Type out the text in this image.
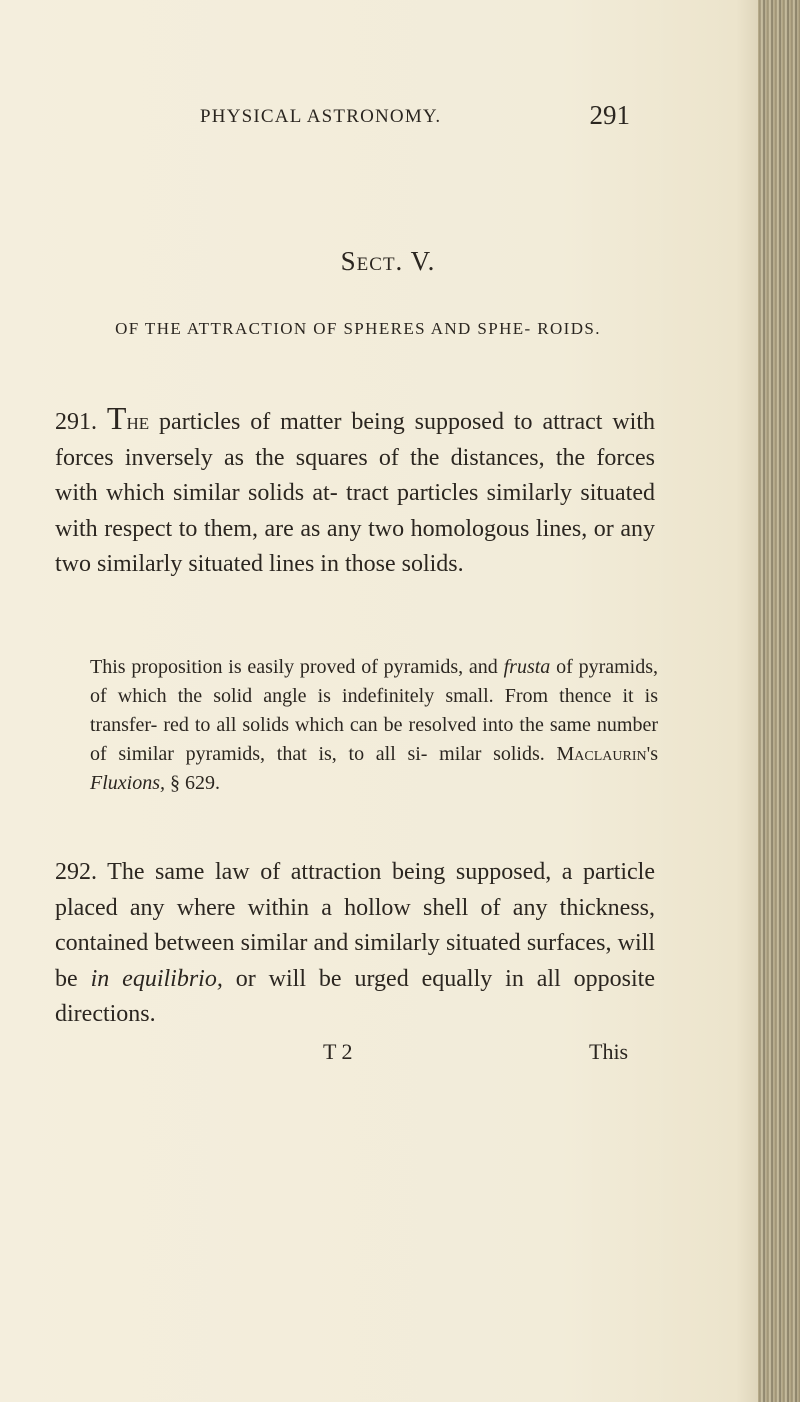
PHYSICAL ASTRONOMY.	291
Sect. V.
OF THE ATTRACTION OF SPHERES AND SPHE- ROIDS.
291. The particles of matter being supposed to attract with forces inversely as the squares of the distances, the forces with which similar solids at- tract particles similarly situated with respect to them, are as any two homologous lines, or any two similarly situated lines in those solids.
This proposition is easily proved of pyramids, and frusta of pyramids, of which the solid angle is indefinitely small. From thence it is transfer- red to all solids which can be resolved into the same number of similar pyramids, that is, to all si- milar solids. Maclaurin's Fluxions, § 629.
292. The same law of attraction being supposed, a particle placed any where within a hollow shell of any thickness, contained between similar and similarly situated surfaces, will be in equilibrio, or will be urged equally in all opposite directions.
T 2	This
